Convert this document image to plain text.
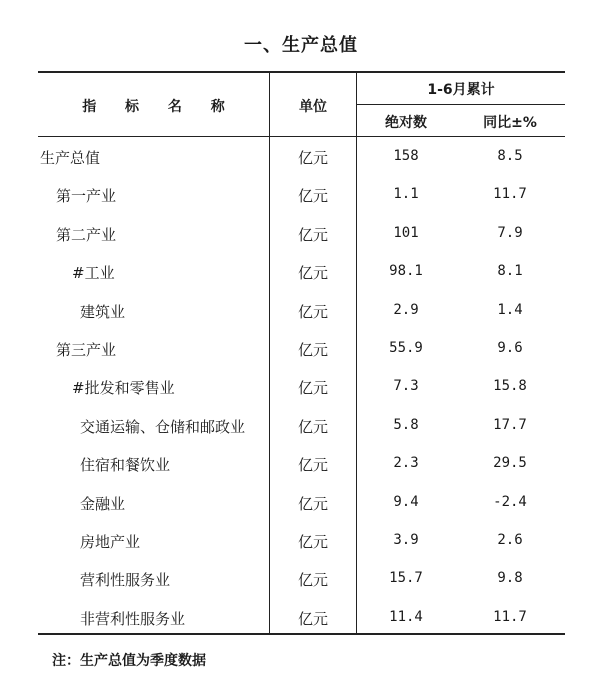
一、生产总值
指 标 名 称	单位
1-6月累计
绝对数	同比±%
生产总值	亿元	158	8.5
第一产业	亿元	1.1	11.7
第二产业	亿元	101	7.9
#工业	亿元	98.1	8.1
建筑业	亿元	2.9	1.4
第三产业	亿元	55.9	9.6
#批发和零售业	亿元	7.3	15.8
交通运输、仓储和邮政业	亿元	5.8	17.7
住宿和餐饮业	亿元	2.3	29.5
金融业	亿元	9.4	-2.4
房地产业	亿元	3.9	2.6
营利性服务业	亿元	15.7	9.8
非营利性服务业	亿元	11.4	11.7
注：生产总值为季度数据
